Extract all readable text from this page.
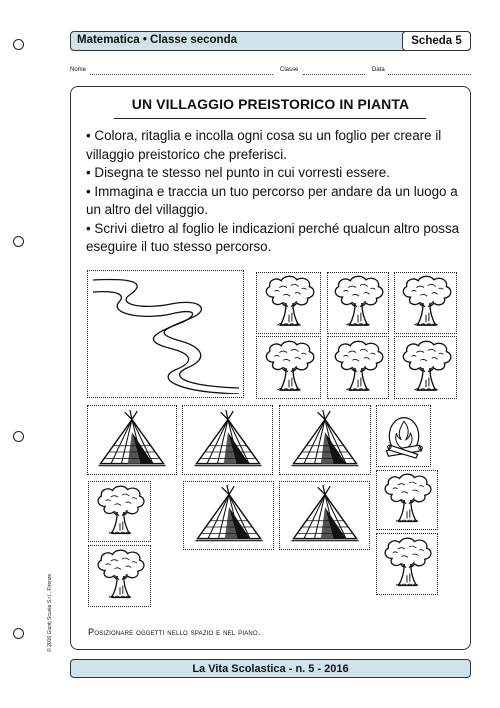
Matematica • Classe seconda	Scheda 5
Nome	Classe	Data
UN VILLAGGIO PREISTORICO IN PIANTA

• Colora, ritaglia e incolla ogni cosa su un foglio per creare il villaggio preistorico che preferisci.

• Disegna te stesso nel punto in cui vorresti essere.

• Immagina e traccia un tuo percorso per andare da un luogo a un altro del villaggio.

• Scrivi dietro al foglio le indicazioni perché qualcun altro possa eseguire il tuo stesso percorso.

Posizionare oggetti nello spazio e nel piano.
© 2016 Giunti Scuola S.r.l., Firenze
La Vita Scolastica - n. 5 - 2016
